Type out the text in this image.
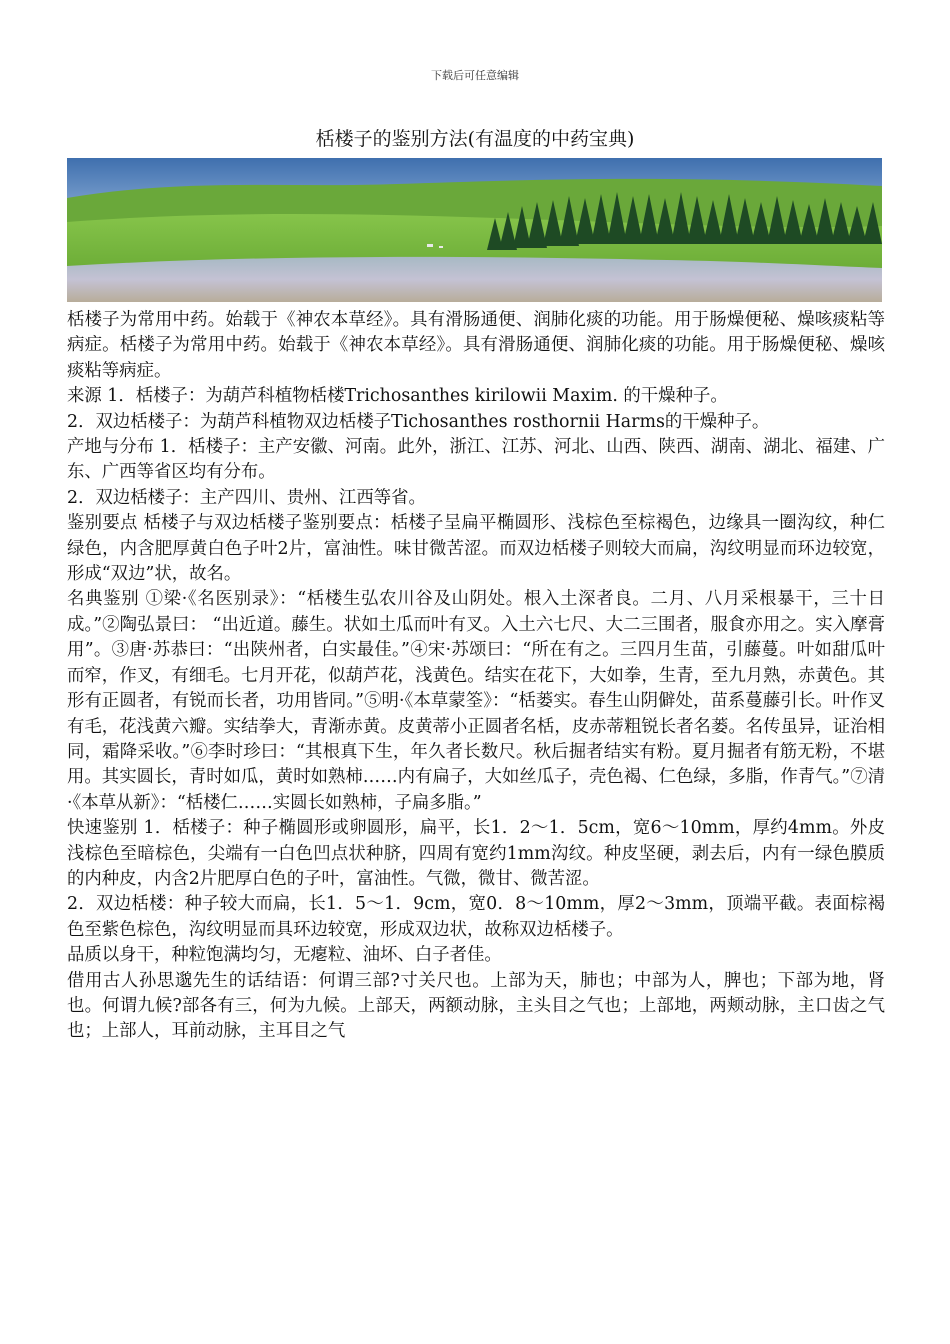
下载后可任意编辑
栝楼子的鉴别方法(有温度的中药宝典)

栝楼子为常用中药。始载于《神农本草经》。具有滑肠通便、润肺化痰的功能。用于肠燥便秘、燥咳痰粘等病症。栝楼子为常用中药。始载于《神农本草经》。具有滑肠通便、润肺化痰的功能。用于肠燥便秘、燥咳痰粘等病症。

来源 1．栝楼子：为葫芦科植物栝楼Trichosanthes kirilowii Maxim. 的干燥种子。

2．双边栝楼子：为葫芦科植物双边栝楼子Tichosanthes rosthornii Harms的干燥种子。

产地与分布 1．栝楼子：主产安徽、河南。此外，浙江、江苏、河北、山西、陕西、湖南、湖北、福建、广东、广西等省区均有分布。

2．双边栝楼子：主产四川、贵州、江西等省。

鉴别要点 栝楼子与双边栝楼子鉴别要点：栝楼子呈扁平椭圆形、浅棕色至棕褐色，边缘具一圈沟纹，种仁绿色，内含肥厚黄白色子叶2片，富油性。味甘微苦涩。而双边栝楼子则较大而扁，沟纹明显而环边较宽，形成“双边”状，故名。

名典鉴别 ①梁·《名医别录》：“栝楼生弘农川谷及山阴处。根入土深者良。二月、八月采根暴干，三十日成。”②陶弘景曰： “出近道。藤生。状如土瓜而叶有叉。入土六七尺、大二三围者，服食亦用之。实入摩膏用”。③唐·苏恭曰：“出陕州者，白实最佳。”④宋·苏颂曰：“所在有之。三四月生苗，引藤蔓。叶如甜瓜叶而窄，作叉，有细毛。七月开花，似葫芦花，浅黄色。结实在花下，大如拳，生青，至九月熟，赤黄色。其形有正圆者，有锐而长者，功用皆同。”⑤明·《本草蒙筌》：“栝蒌实。春生山阴僻处，苗系蔓藤引长。叶作叉有毛，花浅黄六瓣。实结拳大，青渐赤黄。皮黄蒂小正圆者名栝，皮赤蒂粗锐长者名蒌。名传虽异，证治相同，霜降采收。”⑥李时珍曰：“其根真下生，年久者长数尺。秋后掘者结实有粉。夏月掘者有筋无粉，不堪用。其实圆长，青时如瓜，黄时如熟柿……内有扁子，大如丝瓜子，壳色褐、仁色绿，多脂，作青气。”⑦清·《本草从新》：“栝楼仁……实圆长如熟柿，子扁多脂。”

快速鉴别 1．栝楼子：种子椭圆形或卵圆形，扁平，长1．2～1．5cm，宽6～10mm，厚约4mm。外皮浅棕色至暗棕色，尖端有一白色凹点状种脐，四周有宽约1mm沟纹。种皮坚硬，剥去后，内有一绿色膜质的内种皮，内含2片肥厚白色的子叶，富油性。气微，微甘、微苦涩。

2．双边栝楼：种子较大而扁，长1．5～1．9cm，宽0．8～10mm，厚2～3mm，顶端平截。表面棕褐色至紫色棕色，沟纹明显而具环边较宽，形成双边状，故称双边栝楼子。

品质以身干，种粒饱满均匀，无瘪粒、油坏、白子者佳。

借用古人孙思邈先生的话结语：何谓三部?寸关尺也。上部为天，肺也；中部为人，脾也；下部为地，肾也。何谓九候?部各有三，何为九候。上部天，两额动脉，主头目之气也；上部地，两颊动脉，主口齿之气也；上部人，耳前动脉，主耳目之气
